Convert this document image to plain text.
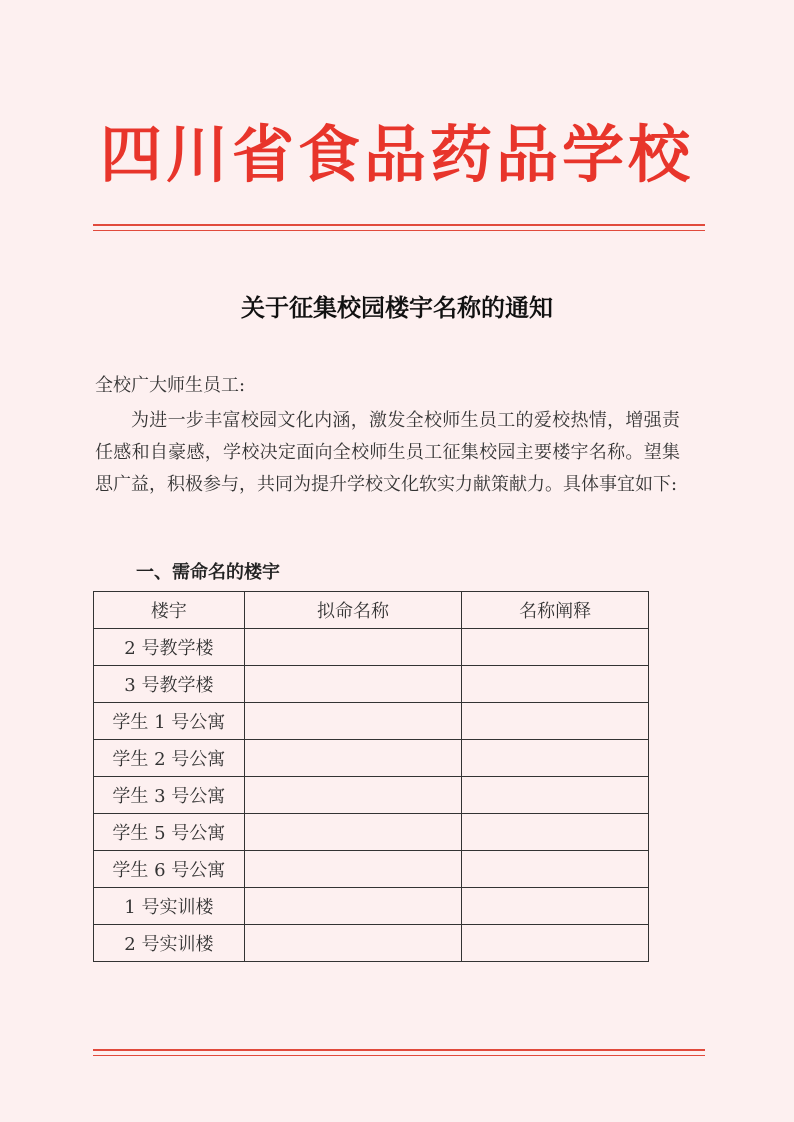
四川省食品药品学校
关于征集校园楼宇名称的通知
全校广大师生员工:
为进一步丰富校园文化内涵，激发全校师生员工的爱校热情，增强责任感和自豪感，学校决定面向全校师生员工征集校园主要楼宇名称。望集思广益，积极参与，共同为提升学校文化软实力献策献力。具体事宜如下:
一、需命名的楼宇
楼宇	拟命名称	名称阐释
2 号教学楼		
3 号教学楼		
学生 1 号公寓		
学生 2 号公寓		
学生 3 号公寓		
学生 5 号公寓		
学生 6 号公寓		
1 号实训楼		
2 号实训楼		
